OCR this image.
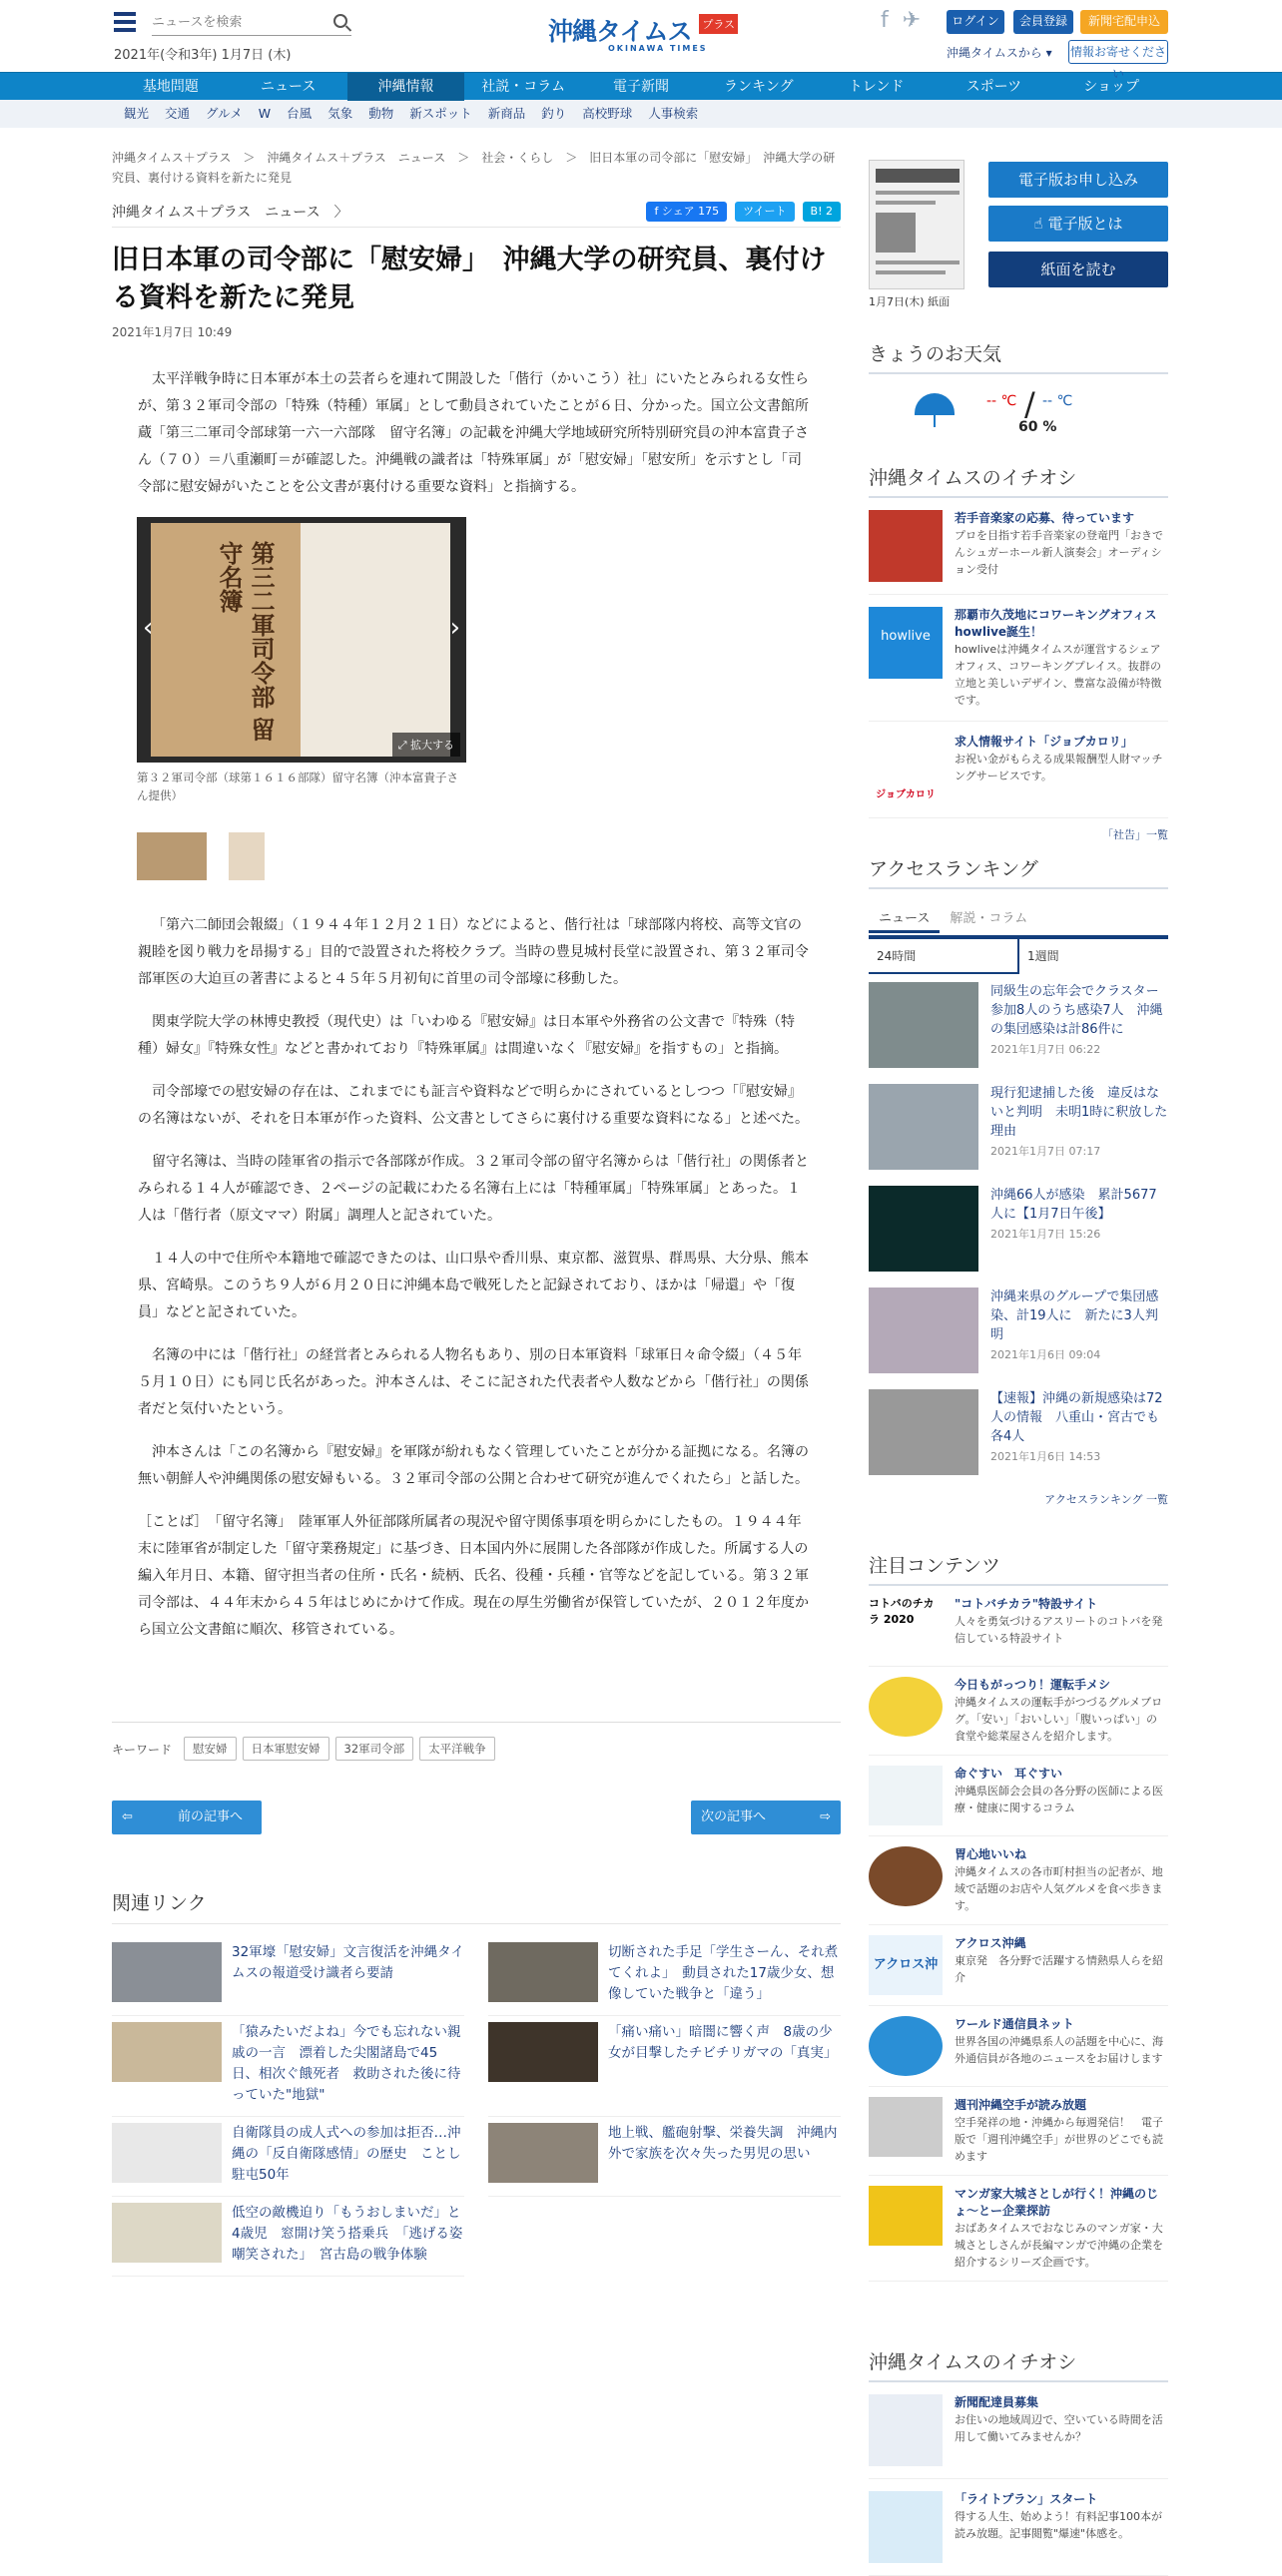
ニュースを検索
2021年(令和3年) 1月7日 (木)
沖縄タイムス プラス
OKINAWA TIMES
f ✈	ログイン	会員登録	新聞宅配申込
沖縄タイムスから ▾ 情報お寄せください
基地問題	ニュース	沖縄情報	社説・コラム	電子新聞	ランキング	トレンド	スポーツ	ショップ
観光 交通 グルメ W 台風 気象 動物 新スポット 新商品 釣り 高校野球 人事検索
沖縄タイムス＋プラス　＞　沖縄タイムス＋プラス　ニュース　＞　社会・くらし　＞　旧日本軍の司令部に「慰安婦」　沖縄大学の研究員、裏付ける資料を新たに発見
沖縄タイムス＋プラス　ニュース　〉	f シェア 175	ツイート	B! 2
旧日本軍の司令部に「慰安婦」　沖縄大学の研究員、裏付ける資料を新たに発見
2021年1月7日 10:49

太平洋戦争時に日本軍が本土の芸者らを連れて開設した「偕行（かいこう）社」にいたとみられる女性らが、第３２軍司令部の「特殊（特種）軍属」として動員されていたことが６日、分かった。国立公文書館所蔵「第三二軍司令部球第一六一六部隊　留守名簿」の記載を沖縄大学地域研究所特別研究員の沖本富貴子さん（７０）＝八重瀬町＝が確認した。沖縄戦の識者は「特殊軍属」が「慰安婦」「慰安所」を示すとし「司令部に慰安婦がいたことを公文書が裏付ける重要な資料」と指摘する。

第三二軍司令部 留守名簿
‹	›
⤢ 拡大する
第３２軍司令部（球第１６１６部隊）留守名簿（沖本富貴子さん提供）

「第六二師団会報綴」（１９４４年１２月２１日）などによると、偕行社は「球部隊内将校、高等文官の親睦を図り戦力を昂揚する」目的で設置された将校クラブ。当時の豊見城村長堂に設置され、第３２軍司令部軍医の大迫亘の著書によると４５年５月初旬に首里の司令部壕に移動した。

関東学院大学の林博史教授（現代史）は「いわゆる『慰安婦』は日本軍や外務省の公文書で『特殊（特種）婦女』『特殊女性』などと書かれており『特殊軍属』は間違いなく『慰安婦』を指すもの」と指摘。

司令部壕での慰安婦の存在は、これまでにも証言や資料などで明らかにされているとしつつ「『慰安婦』の名簿はないが、それを日本軍が作った資料、公文書としてさらに裏付ける重要な資料になる」と述べた。

留守名簿は、当時の陸軍省の指示で各部隊が作成。３２軍司令部の留守名簿からは「偕行社」の関係者とみられる１４人が確認でき、２ページの記載にわたる名簿右上には「特種軍属」「特殊軍属」とあった。１人は「偕行者（原文ママ）附属」調理人と記されていた。

１４人の中で住所や本籍地で確認できたのは、山口県や香川県、東京都、滋賀県、群馬県、大分県、熊本県、宮崎県。このうち９人が６月２０日に沖縄本島で戦死したと記録されており、ほかは「帰還」や「復員」などと記されていた。

名簿の中には「偕行社」の経営者とみられる人物名もあり、別の日本軍資料「球軍日々命令綴」（４５年５月１０日）にも同じ氏名があった。沖本さんは、そこに記された代表者や人数などから「偕行社」の関係者だと気付いたという。

沖本さんは「この名簿から『慰安婦』を軍隊が紛れもなく管理していたことが分かる証拠になる。名簿の無い朝鮮人や沖縄関係の慰安婦もいる。３２軍司令部の公開と合わせて研究が進んでくれたら」と話した。

［ことば］　「留守名簿」　陸軍軍人外征部隊所属者の現況や留守関係事項を明らかにしたもの。１９４４年末に陸軍省が制定した「留守業務規定」に基づき、日本国内外に展開した各部隊が作成した。所属する人の編入年月日、本籍、留守担当者の住所・氏名・続柄、氏名、役種・兵種・官等などを記している。第３２軍司令部は、４４年末から４５年はじめにかけて作成。現在の厚生労働省が保管していたが、２０１２年度から国立公文書館に順次、移管されている。

キーワード	慰安婦	日本軍慰安婦	32軍司令部	太平洋戦争
⇦	前の記事へ	次の記事へ	⇨
関連リンク
32軍壕「慰安婦」文言復活を沖縄タイムスの報道受け識者ら要請
切断された手足「学生さーん、それ煮てくれよ」　動員された17歳少女、想像していた戦争と「違う」
「猿みたいだよね」今でも忘れない親戚の一言　漂着した尖閣諸島で45日、相次ぐ餓死者　救助された後に待っていた"地獄"
「痛い痛い」暗闇に響く声　8歳の少女が目撃したチビチリガマの「真実」
自衛隊員の成人式への参加は拒否…沖縄の「反自衛隊感情」の歴史　ことし駐屯50年
地上戦、艦砲射撃、栄養失調　沖縄内外で家族を次々失った男児の思い
低空の敵機迫り「もうおしまいだ」と4歳児　窓開け笑う搭乗兵　「逃げる姿嘲笑された」　宮古島の戦争体験
1月7日(木) 紙面
電子版お申し込み
☝ 電子版とは
紙面を読む
きょうのお天気
-- ℃ / -- ℃
60 %
沖縄タイムスのイチオシ
若手音楽家の応募、待っています
プロを目指す若手音楽家の登竜門「おきでんシュガーホール新人演奏会」オーディション受付
howlive
那覇市久茂地にコワーキングオフィス howlive誕生！
howliveは沖縄タイムスが運営するシェアオフィス、コワーキングプレイス。抜群の立地と美しいデザイン、豊富な設備が特徴です。
ジョブカロリ
求人情報サイト「ジョブカロリ」
お祝い金がもらえる成果報酬型人財マッチングサービスです。
「社告」一覧
アクセスランキング
ニュース	解説・コラム
24時間	1週間
同級生の忘年会でクラスター　参加8人のうち感染7人　沖縄の集団感染は計86件に
2021年1月7日 06:22
現行犯逮捕した後　違反はないと判明　未明1時に釈放した理由
2021年1月7日 07:17
沖縄66人が感染　累計5677人に【1月7日午後】
2021年1月7日 15:26
沖縄来県のグループで集団感染、計19人に　新たに3人判明
2021年1月6日 09:04
【速報】沖縄の新規感染は72人の情報　八重山・宮古でも各4人
2021年1月6日 14:53
アクセスランキング 一覧
注目コンテンツ
コトバのチカラ 2020
"コトバチカラ"特設サイト
人々を勇気づけるアスリートのコトバを発信している特設サイト
今日もがっつり！運転手メシ
沖縄タイムスの運転手がつづるグルメブログ。「安い」「おいしい」「腹いっぱい」の食堂や総菜屋さんを紹介します。
命ぐすい　耳ぐすい
沖縄県医師会会員の各分野の医師による医療・健康に関するコラム
胃心地いいね
沖縄タイムスの各市町村担当の記者が、地域で話題のお店や人気グルメを食べ歩きます。
アクロス沖
アクロス沖縄
東京発　各分野で活躍する情熱県人らを紹介
ワールド通信員ネット
世界各国の沖縄県系人の話題を中心に、海外通信員が各地のニュースをお届けします
週刊沖縄空手が読み放題
空手発祥の地・沖縄から毎週発信！　電子版で「週刊沖縄空手」が世界のどこでも読めます
マンガ家大城さとしが行く！沖縄のじょ～とー企業探訪
おばあタイムスでおなじみのマンガ家・大城さとしさんが長編マンガで沖縄の企業を紹介するシリーズ企画です。
沖縄タイムスのイチオシ
新聞配達員募集
お住いの地域周辺で、空いている時間を活用して働いてみませんか？
「ライトプラン」スタート
得する人生、始めよう！有料記事100本が読み放題。記事閲覧"爆速"体感を。
